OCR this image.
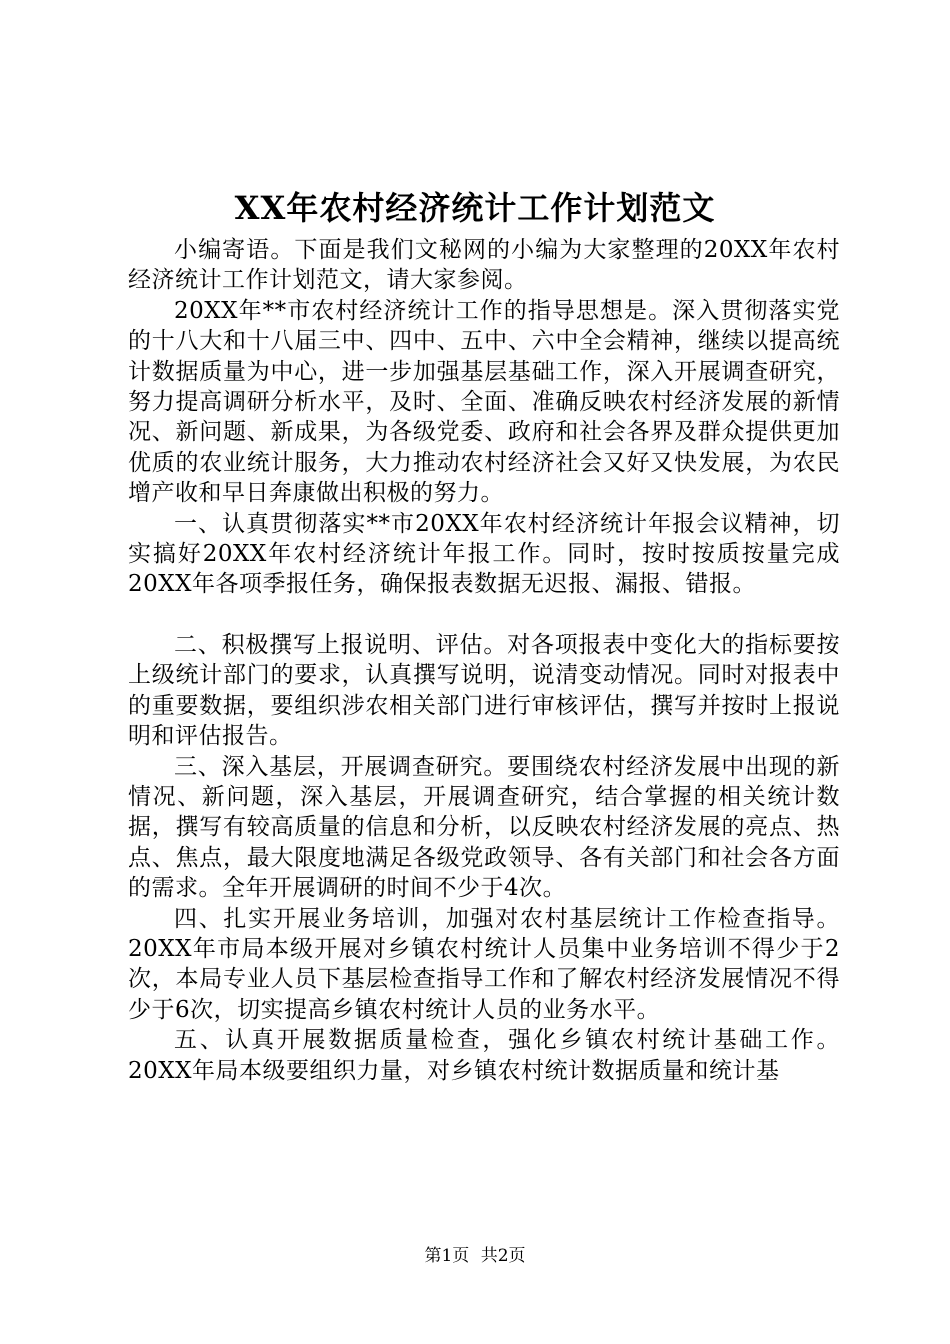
XX年农村经济统计工作计划范文

小编寄语。下面是我们文秘网的小编为大家整理的20XX年农村经济统计工作计划范文，请大家参阅。

20XX年**市农村经济统计工作的指导思想是。深入贯彻落实党的十八大和十八届三中、四中、五中、六中全会精神，继续以提高统计数据质量为中心，进一步加强基层基础工作，深入开展调查研究，努力提高调研分析水平，及时、全面、准确反映农村经济发展的新情况、新问题、新成果，为各级党委、政府和社会各界及群众提供更加优质的农业统计服务，大力推动农村经济社会又好又快发展，为农民增产收和早日奔康做出积极的努力。

一、认真贯彻落实**市20XX年农村经济统计年报会议精神，切实搞好20XX年农村经济统计年报工作。同时，按时按质按量完成20XX年各项季报任务，确保报表数据无迟报、漏报、错报。

二、积极撰写上报说明、评估。对各项报表中变化大的指标要按上级统计部门的要求，认真撰写说明，说清变动情况。同时对报表中的重要数据，要组织涉农相关部门进行审核评估，撰写并按时上报说明和评估报告。

三、深入基层，开展调查研究。要围绕农村经济发展中出现的新情况、新问题，深入基层，开展调查研究，结合掌握的相关统计数据，撰写有较高质量的信息和分析，以反映农村经济发展的亮点、热点、焦点，最大限度地满足各级党政领导、各有关部门和社会各方面的需求。全年开展调研的时间不少于4次。

四、扎实开展业务培训，加强对农村基层统计工作检查指导。20XX年市局本级开展对乡镇农村统计人员集中业务培训不得少于2次，本局专业人员下基层检查指导工作和了解农村经济发展情况不得少于6次，切实提高乡镇农村统计人员的业务水平。

五、认真开展数据质量检查，强化乡镇农村统计基础工作。20XX年局本级要组织力量，对乡镇农村统计数据质量和统计基

第1页 共2页
